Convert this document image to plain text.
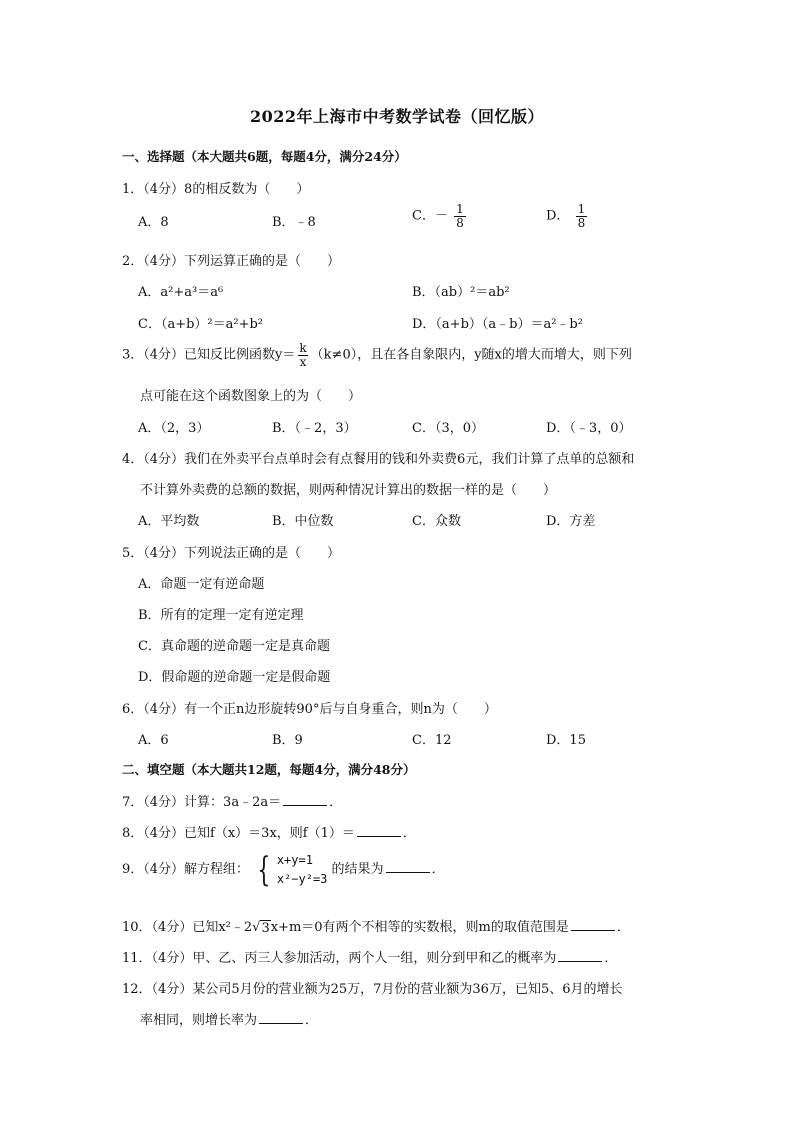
2022年上海市中考数学试卷（回忆版）
一、选择题（本大题共6题，每题4分，满分24分）
1．（4分）8的相反数为（　　）
A．8	B．﹣8	C．－ $\frac{1}{8}$	D． $\frac{1}{8}$
2．（4分）下列运算正确的是（　　）
A．a²+a³＝a⁶	B．（ab）²＝ab²
C．（a+b）²＝a²+b²	D．（a+b）（a﹣b）＝a²﹣b²
3．（4分）已知反比例函数$y= \frac{k}{x} (k\ne 0)$，且在各自象限内，y随x的增大而增大，则下列
点可能在这个函数图象上的为（　　）
A．（2，3）	B．（﹣2，3）	C．（3，0）	D．（﹣3，0）
4．（4分）我们在外卖平台点单时会有点餐用的钱和外卖费6元，我们计算了点单的总额和
不计算外卖费的总额的数据，则两种情况计算出的数据一样的是（　　）
A．平均数	B．中位数	C．众数	D．方差
5．（4分）下列说法正确的是（　　）
A．命题一定有逆命题
B．所有的定理一定有逆定理
C．真命题的逆命题一定是真命题
D．假命题的逆命题一定是假命题
6．（4分）有一个正n边形旋转90°后与自身重合，则n为（　　）
A．6	B．9	C．12	D．15
二、填空题（本大题共12题，每题4分，满分48分）
7．（4分）计算：3a﹣2a＝	．
8．（4分）已知f（x）＝3x，则f（1）＝	．
9．（4分）解方程组： { x+y=1
x²−y²=3
的结果为	．
10．（4分）已知x²﹣2√ 3 x+m＝0有两个不相等的实数根，则m的取值范围是	．
11．（4分）甲、乙、丙三人参加活动，两个人一组，则分到甲和乙的概率为	．
12．（4分）某公司5月份的营业额为25万，7月份的营业额为36万，已知5、6月的增长
率相同，则增长率为	．
